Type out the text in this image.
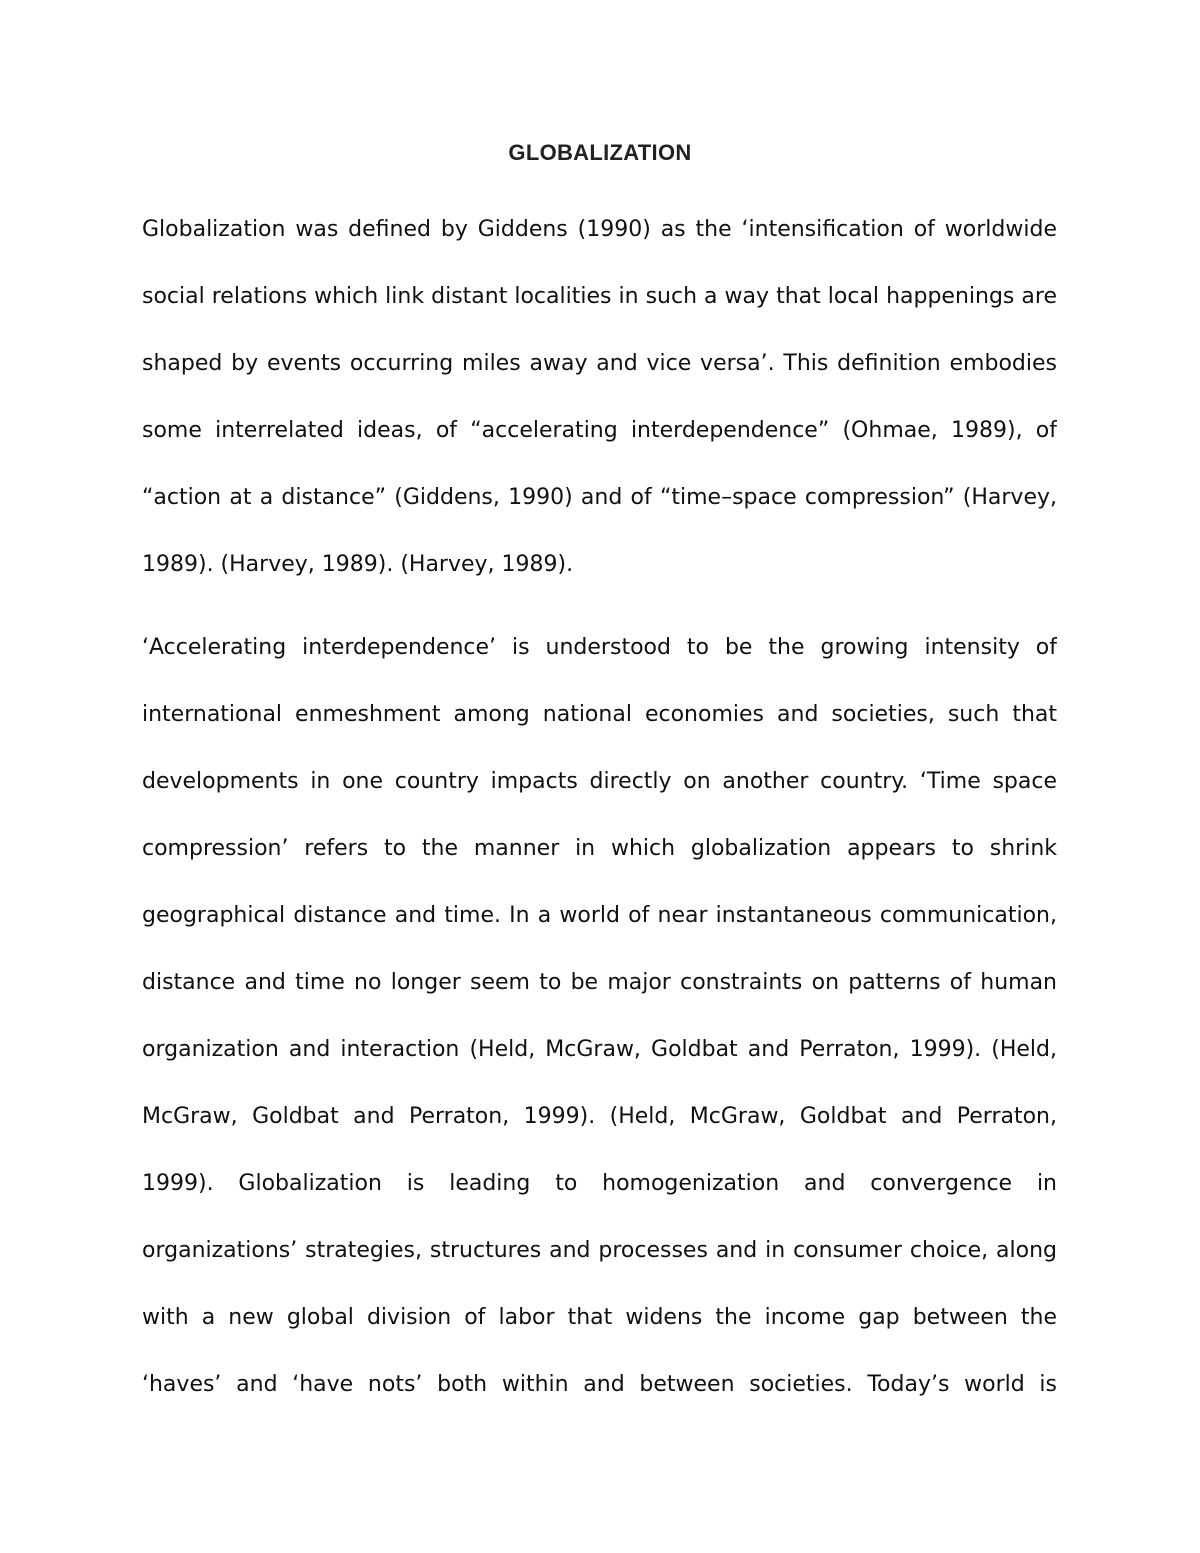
GLOBALIZATION
Globalization was defined by Giddens (1990) as the ‘intensification of worldwide
social relations which link distant localities in such a way that local happenings are
shaped by events occurring miles away and vice versa’. This definition embodies
some interrelated ideas, of “accelerating interdependence” (Ohmae, 1989), of
“action at a distance” (Giddens, 1990) and of “time–space compression” (Harvey,
1989). (Harvey, 1989). (Harvey, 1989).
‘Accelerating interdependence’ is understood to be the growing intensity of
international enmeshment among national economies and societies, such that
developments in one country impacts directly on another country. ‘Time space
compression’ refers to the manner in which globalization appears to shrink
geographical distance and time. In a world of near instantaneous communication,
distance and time no longer seem to be major constraints on patterns of human
organization and interaction (Held, McGraw, Goldbat and Perraton, 1999). (Held,
McGraw, Goldbat and Perraton, 1999). (Held, McGraw, Goldbat and Perraton,
1999). Globalization is leading to homogenization and convergence in
organizations’ strategies, structures and processes and in consumer choice, along
with a new global division of labor that widens the income gap between the
‘haves’ and ‘have nots’ both within and between societies. Today’s world is
